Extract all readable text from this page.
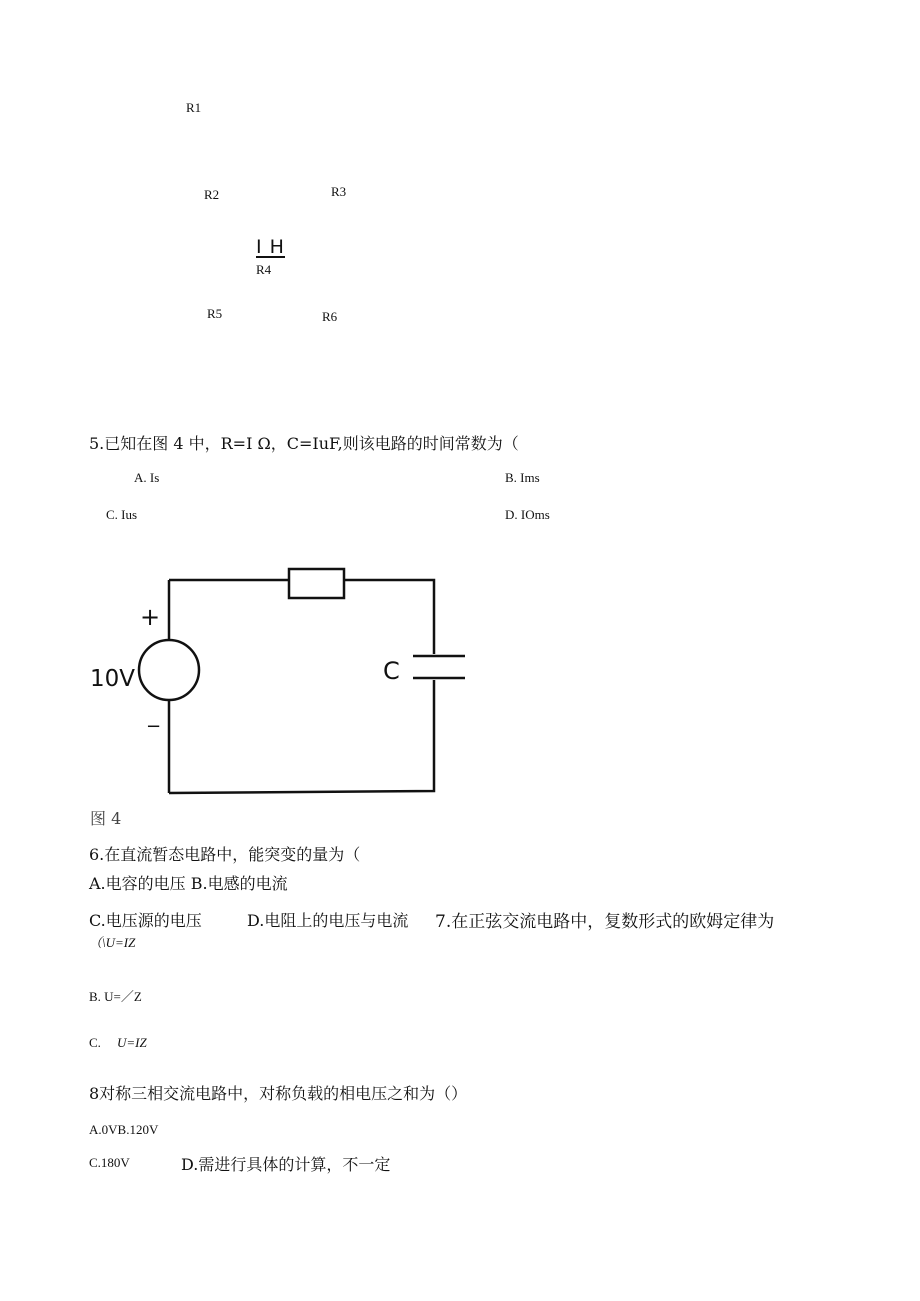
R1
R2	R3
I H
R4
R5	R6
5.已知在图 4 中，R=I Ω，C=IuF,则该电路的时间常数为（
A. Is	B. Ims
C. Ius	D. IOms
+
10V
−
C
图 4
6.在直流暂态电路中，能突变的量为（
A.电容的电压 B.电感的电流
C.电压源的电压	D.电阻上的电压与电流 7.在正弦交流电路中，复数形式的欧姆定律为
（\U=IZ
B. U=／Z
C. U=IZ
8对称三相交流电路中，对称负载的相电压之和为（）
A.0VB.120V
C.180V	D.需进行具体的计算，不一定
